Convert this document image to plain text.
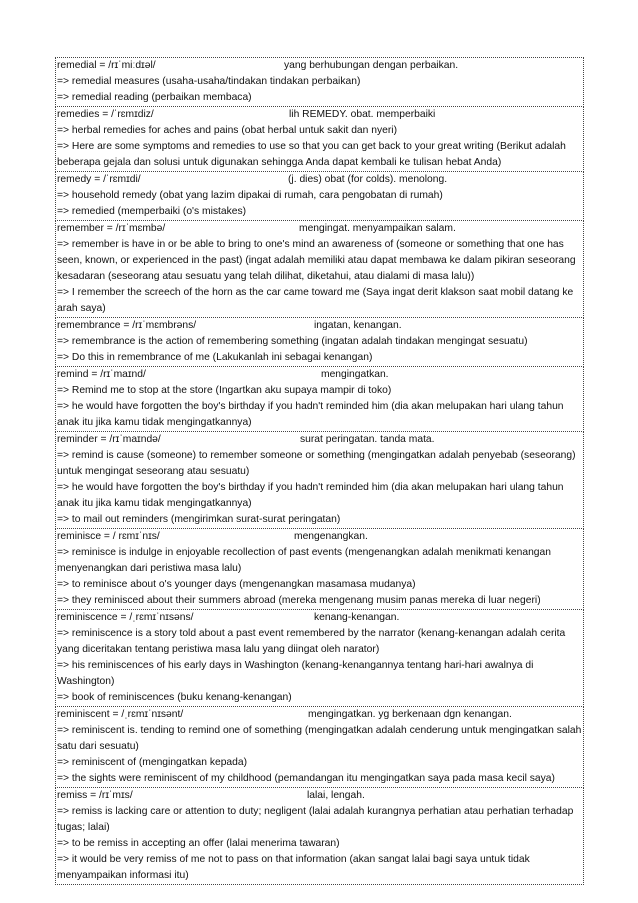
remedial = /rɪˈmiːdɪəl/	yang berhubungan dengan perbaikan.
=> remedial measures (usaha-usaha/tindakan tindakan perbaikan)
=> remedial reading (perbaikan membaca)
remedies = /ˈrɛmɪdiz/	lih REMEDY. obat. memperbaiki
=> herbal remedies for aches and pains (obat herbal untuk sakit dan nyeri)
=> Here are some symptoms and remedies to use so that you can get back to your great writing (Berikut adalah beberapa gejala dan solusi untuk digunakan sehingga Anda dapat kembali ke tulisan hebat Anda)
remedy = /ˈrɛmɪdi/	(j. dies) obat (for colds). menolong.
=> household remedy (obat yang lazim dipakai di rumah, cara pengobatan di rumah)
=> remedied (memperbaiki (o's mistakes)
remember = /rɪˈmɛmbə/	mengingat. menyampaikan salam.
=> remember is have in or be able to bring to one's mind an awareness of (someone or something that one has seen, known, or experienced in the past) (ingat adalah memiliki atau dapat membawa ke dalam pikiran seseorang kesadaran (seseorang atau sesuatu yang telah dilihat, diketahui, atau dialami di masa lalu))
=> I remember the screech of the horn as the car came toward me (Saya ingat derit klakson saat mobil datang ke arah saya)
remembrance = /rɪˈmɛmbrəns/	ingatan, kenangan.
=> remembrance is the action of remembering something (ingatan adalah tindakan mengingat sesuatu)
=> Do this in remembrance of me (Lakukanlah ini sebagai kenangan)
remind = /rɪˈmaɪnd/	mengingatkan.
=> Remind me to stop at the store (Ingartkan aku supaya mampir di toko)
=> he would have forgotten the boy's birthday if you hadn't reminded him (dia akan melupakan hari ulang tahun anak itu jika kamu tidak mengingatkannya)
reminder = /rɪˈmaɪndə/	surat peringatan. tanda mata.
=> remind is cause (someone) to remember someone or something (mengingatkan adalah penyebab (seseorang) untuk mengingat seseorang atau sesuatu)
=> he would have forgotten the boy's birthday if you hadn't reminded him (dia akan melupakan hari ulang tahun anak itu jika kamu tidak mengingatkannya)
=> to mail out reminders (mengirimkan surat-surat peringatan)
reminisce = / rɛmɪˈnɪs/	mengenangkan.
=> reminisce is indulge in enjoyable recollection of past events (mengenangkan adalah menikmati kenangan menyenangkan dari peristiwa masa lalu)
=> to reminisce about o's younger days (mengenangkan masamasa mudanya)
=> they reminisced about their summers abroad (mereka mengenang musim panas mereka di luar negeri)
reminiscence = /ˌrɛmɪˈnɪsəns/	kenang-kenangan.
=> reminiscence is a story told about a past event remembered by the narrator (kenang-kenangan adalah cerita yang diceritakan tentang peristiwa masa lalu yang diingat oleh narator)
=> his reminiscences of his early days in Washington (kenang-kenangannya tentang hari-hari awalnya di Washington)
=> book of reminiscences (buku kenang-kenangan)
reminiscent = /ˌrɛmɪˈnɪsənt/	mengingatkan. yg berkenaan dgn kenangan.
=> reminiscent is. tending to remind one of something (mengingatkan adalah cenderung untuk mengingatkan salah satu dari sesuatu)
=> reminiscent of (mengingatkan kepada)
=> the sights were reminiscent of my childhood (pemandangan itu mengingatkan saya pada masa kecil saya)
remiss = /rɪˈmɪs/	lalai, lengah.
=> remiss is lacking care or attention to duty; negligent (lalai adalah kurangnya perhatian atau perhatian terhadap tugas; lalai)
=> to be remiss in accepting an offer (lalai menerima tawaran)
=> it would be very remiss of me not to pass on that information (akan sangat lalai bagi saya untuk tidak menyampaikan informasi itu)
